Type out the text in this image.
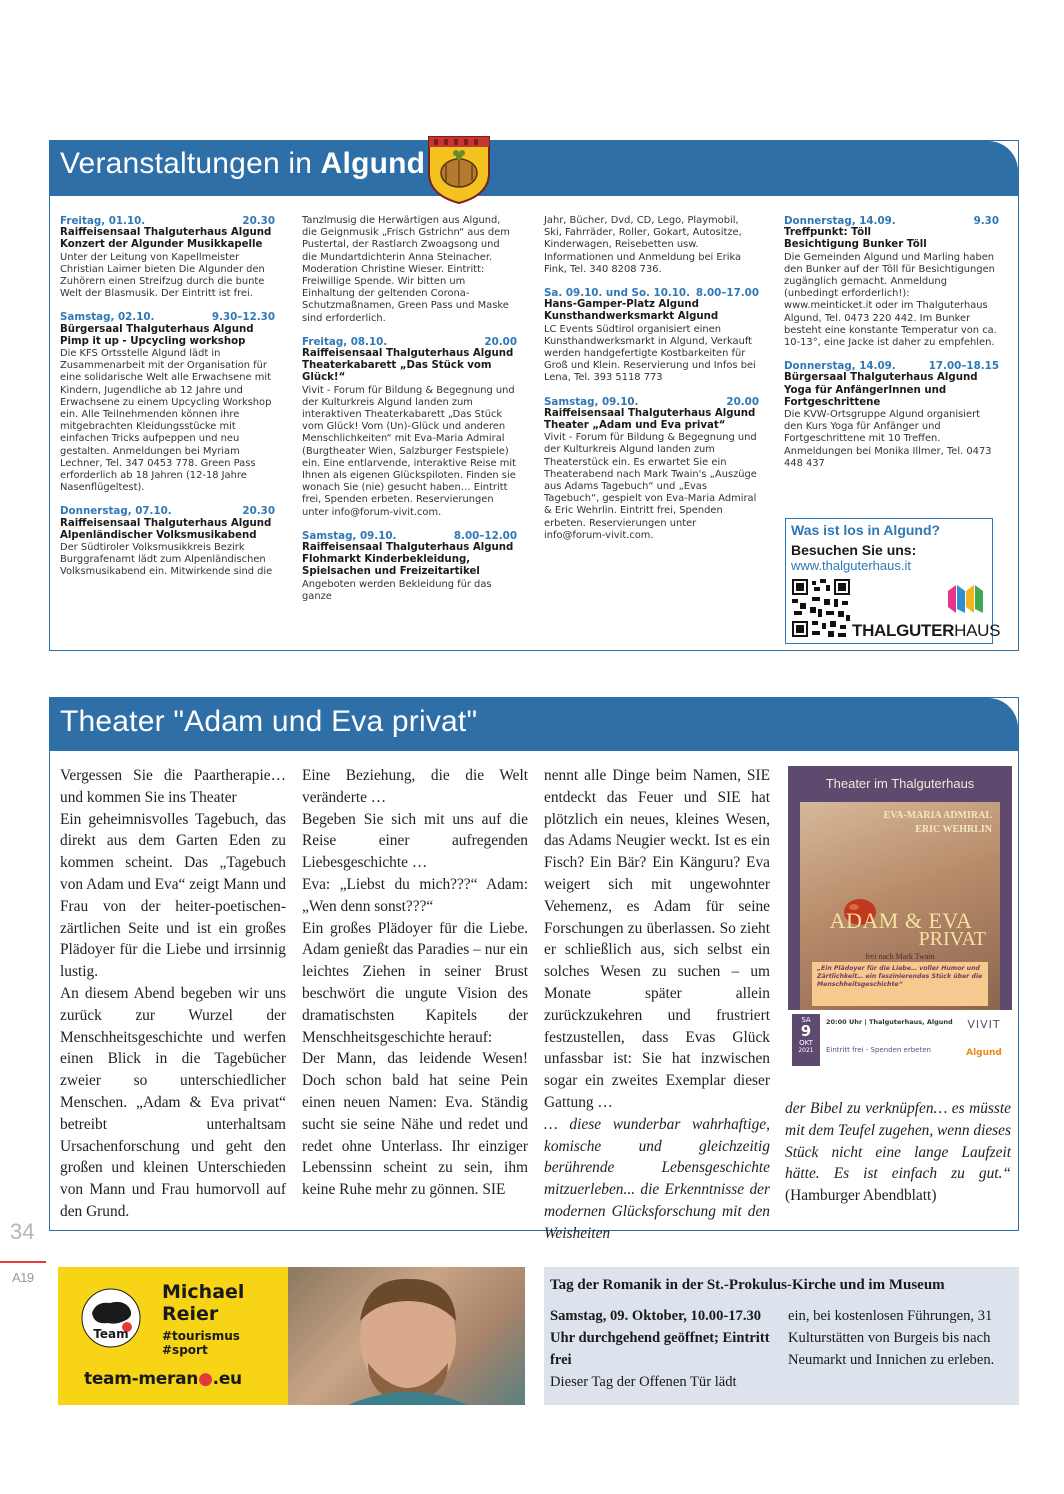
Veranstaltungen in Algund
Freitag, 01.10.	20.30
Raiffeisensaal Thalguterhaus Algund
Konzert der Algunder Musikkapelle
Unter der Leitung von Kapellmeister Christian Laimer bieten Die Algunder den Zuhörern einen Streifzug durch die bunte Welt der Blasmusik. Der Eintritt ist frei.
Samstag, 02.10.	9.30–12.30
Bürgersaal Thalguterhaus Algund
Pimp it up - Upcycling workshop
Die KFS Ortsstelle Algund lädt in Zusammenarbeit mit der Organisation für eine solidarische Welt alle Erwachsene mit Kindern, Jugendliche ab 12 Jahre und Erwachsene zu einem Upcycling Workshop ein. Alle Teilnehmenden können ihre mitgebrachten Kleidungsstücke mit einfachen Tricks aufpeppen und neu gestalten. Anmeldungen bei Myriam Lechner, Tel. 347 0453 778. Green Pass erforderlich ab 18 Jahren (12-18 Jahre Nasenflügeltest).
Donnerstag, 07.10.	20.30
Raiffeisensaal Thalguterhaus Algund
Alpenländischer Volksmusikabend
Der Südtiroler Volksmusikkreis Bezirk Burggrafenamt lädt zum Alpenländischen Volksmusikabend ein. Mitwirkende sind die
Tanzlmusig die Herwärtigen aus Algund, die Geignmusik „Frisch Gstrichn“ aus dem Pustertal, der Rastlarch Zwoagsong und die Mundartdichterin Anna Steinacher. Moderation Christine Wieser. Eintritt: Freiwillige Spende. Wir bitten um Einhaltung der geltenden Corona-Schutzmaßnamen, Green Pass und Maske sind erforderlich.
Freitag, 08.10.	20.00
Raiffeisensaal Thalguterhaus Algund
Theaterkabarett „Das Stück vom Glück!“
Vivit - Forum für Bildung & Begegnung und der Kulturkreis Algund landen zum interaktiven Theaterkabarett „Das Stück vom Glück! Vom (Un)-Glück und anderen Menschlichkeiten“ mit Eva-Maria Admiral (Burgtheater Wien, Salzburger Festspiele) ein. Eine entlarvende, interaktive Reise mit Ihnen als eigenen Glückspiloten. Finden sie wonach Sie (nie) gesucht haben… Eintritt frei, Spenden erbeten. Reservierungen unter info@forum-vivit.com.
Samstag, 09.10.	8.00–12.00
Raiffeisensaal Thalguterhaus Algund
Flohmarkt Kinderbekleidung, Spielsachen und Freizeitartikel
Angeboten werden Bekleidung für das ganze
Jahr, Bücher, Dvd, CD, Lego, Playmobil, Ski, Fahrräder, Roller, Gokart, Autositze, Kinderwagen, Reisebetten usw. Informationen und Anmeldung bei Erika Fink, Tel. 340 8208 736.
Sa. 09.10. und So. 10.10. 8.00–17.00
Hans-Gamper-Platz Algund
Kunsthandwerksmarkt Algund
LC Events Südtirol organisiert einen Kunsthandwerksmarkt in Algund, Verkauft werden handgefertigte Kostbarkeiten für Groß und Klein. Reservierung und Infos bei Lena, Tel. 393 5118 773
Samstag, 09.10.	20.00
Raiffeisensaal Thalguterhaus Algund
Theater „Adam und Eva privat“
Vivit - Forum für Bildung & Begegnung und der Kulturkreis Algund landen zum Theaterstück ein. Es erwartet Sie ein Theaterabend nach Mark Twain's „Auszüge aus Adams Tagebuch“ und „Evas Tagebuch“, gespielt von Eva-Maria Admiral & Eric Wehrlin. Eintritt frei, Spenden erbeten. Reservierungen unter info@forum-vivit.com.
Donnerstag, 14.09.	9.30
Treffpunkt: Töll
Besichtigung Bunker Töll
Die Gemeinden Algund und Marling haben den Bunker auf der Töll für Besichtigungen zugänglich gemacht. Anmeldung (unbedingt erforderlich!): www.meinticket.it oder im Thalguterhaus Algund, Tel. 0473 220 442. Im Bunker besteht eine konstante Temperatur von ca. 10-13°, eine Jacke ist daher zu empfehlen.
Donnerstag, 14.09.	17.00–18.15
Bürgersaal Thalguterhaus Algund
Yoga für AnfängerInnen und Fortgeschrittene
Die KVW-Ortsgruppe Algund organisiert den Kurs Yoga für Anfänger und Fortgeschrittene mit 10 Treffen. Anmeldungen bei Monika Illmer, Tel. 0473 448 437
Was ist los in Algund?
Besuchen Sie uns:
www.thalguterhaus.it
THALGUTERHAUS
Theater "Adam und Eva privat"

Vergessen Sie die Paartherapie… und kommen Sie ins Theater

Ein geheimnisvolles Tagebuch, das direkt aus dem Garten Eden zu kommen scheint. Das „Tagebuch von Adam und Eva“ zeigt Mann und Frau von der heiter-poetischen-zärtlichen Seite und ist ein großes Plädoyer für die Liebe und irrsinnig lustig.

An diesem Abend begeben wir uns zurück zur Wurzel der Menschheitsgeschichte und werfen einen Blick in die Tagebücher zweier so unterschiedlicher Menschen. „Adam & Eva privat“ betreibt unterhaltsam Ursachenforschung und geht den großen und kleinen Unterschieden von Mann und Frau humorvoll auf den Grund.

Eine Beziehung, die die Welt veränderte …

Begeben Sie sich mit uns auf die Reise einer aufregenden Liebesgeschichte …

Eva: „Liebst du mich???“ Adam: „Wen denn sonst???“

Ein großes Plädoyer für die Liebe. Adam genießt das Paradies – nur ein leichtes Ziehen in seiner Brust beschwört die ungute Vision des dramatischsten Kapitels der Menschheitsgeschichte herauf:

Der Mann, das leidende Wesen! Doch schon bald hat seine Pein einen neuen Namen: Eva. Ständig sucht sie seine Nähe und redet und redet ohne Unterlass. Ihr einziger Lebenssinn scheint zu sein, ihm keine Ruhe mehr zu gönnen. SIE

nennt alle Dinge beim Namen, SIE entdeckt das Feuer und SIE hat plötzlich ein neues, kleines Wesen, das Adams Neugier weckt. Ist es ein Fisch? Ein Bär? Ein Känguru? Eva weigert sich mit ungewohnter Vehemenz, es Adam für seine Forschungen zu überlassen. So zieht er schließlich aus, sich selbst ein solches Wesen zu suchen – um Monate später allein zurückzukehren und frustriert festzustellen, dass Evas Glück unfassbar ist: Sie hat inzwischen sogar ein zweites Exemplar dieser Gattung …

… diese wunderbar wahrhaftige, komische und gleichzeitig berührende Lebensgeschichte mitzuerleben... die Erkenntnisse der modernen Glücksforschung mit den Weisheiten

Theater im Thalguterhaus
EVA-MARIA ADMIRAL
ERIC WEHRLIN
ADAM & EVA
PRIVAT
frei nach Mark Twain
„Ein Plädoyer für die Liebe… voller Humor und Zärtlichkeit… ein faszinierendes Stück über die Menschheitsgeschichte“
SA
9
OKT
2021
20:00 Uhr | Thalguterhaus, Algund
Eintritt frei - Spenden erbeten
VIVIT
Algund

der Bibel zu verknüpfen… es müsste mit dem Teufel zugehen, wenn dieses Stück nicht eine lange Laufzeit hätte. Es ist einfach zu gut.“ (Hamburger Abendblatt)

34
A19
Team
Michael
Reier
#tourismus
#sport
team-meran●.eu
Tag der Romanik in der St.-Prokulus-Kirche und im Museum
Samstag, 09. Oktober, 10.00-17.30 Uhr durchgehend geöffnet; Eintritt frei
Dieser Tag der Offenen Tür lädt
ein, bei kostenlosen Führungen, 31 Kulturstätten von Burgeis bis nach Neumarkt und Innichen zu erleben.
